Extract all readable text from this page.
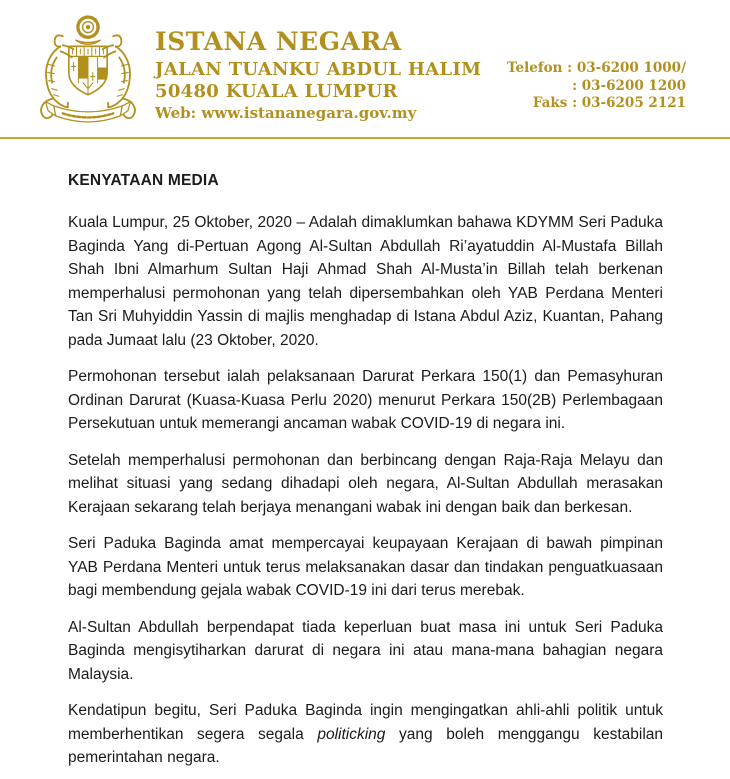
ISTANA NEGARA
JALAN TUANKU ABDUL HALIM
50480 KUALA LUMPUR
Web: www.istananegara.gov.my
Telefon : 03-6200 1000/
: 03-6200 1200
Faks : 03-6205 2121
KENYATAAN MEDIA

Kuala Lumpur, 25 Oktober, 2020 – Adalah dimaklumkan bahawa KDYMM Seri Paduka Baginda Yang di-Pertuan Agong Al-Sultan Abdullah Ri’ayatuddin Al-Mustafa Billah Shah Ibni Almarhum Sultan Haji Ahmad Shah Al-Musta’in Billah telah berkenan memperhalusi permohonan yang telah dipersembahkan oleh YAB Perdana Menteri Tan Sri Muhyiddin Yassin di majlis menghadap di Istana Abdul Aziz, Kuantan, Pahang pada Jumaat lalu (23 Oktober, 2020.

Permohonan tersebut ialah pelaksanaan Darurat Perkara 150(1) dan Pemasyhuran Ordinan Darurat (Kuasa-Kuasa Perlu 2020) menurut Perkara 150(2B) Perlembagaan Persekutuan untuk memerangi ancaman wabak COVID-19 di negara ini.

Setelah memperhalusi permohonan dan berbincang dengan Raja-Raja Melayu dan melihat situasi yang sedang dihadapi oleh negara, Al-Sultan Abdullah merasakan Kerajaan sekarang telah berjaya menangani wabak ini dengan baik dan berkesan.

Seri Paduka Baginda amat mempercayai keupayaan Kerajaan di bawah pimpinan YAB Perdana Menteri untuk terus melaksanakan dasar dan tindakan penguatkuasaan bagi membendung gejala wabak COVID-19 ini dari terus merebak.

Al-Sultan Abdullah berpendapat tiada keperluan buat masa ini untuk Seri Paduka Baginda mengisytiharkan darurat di negara ini atau mana-mana bahagian negara Malaysia.

Kendatipun begitu, Seri Paduka Baginda ingin mengingatkan ahli-ahli politik untuk memberhentikan segera segala politicking yang boleh menggangu kestabilan pemerintahan negara.
